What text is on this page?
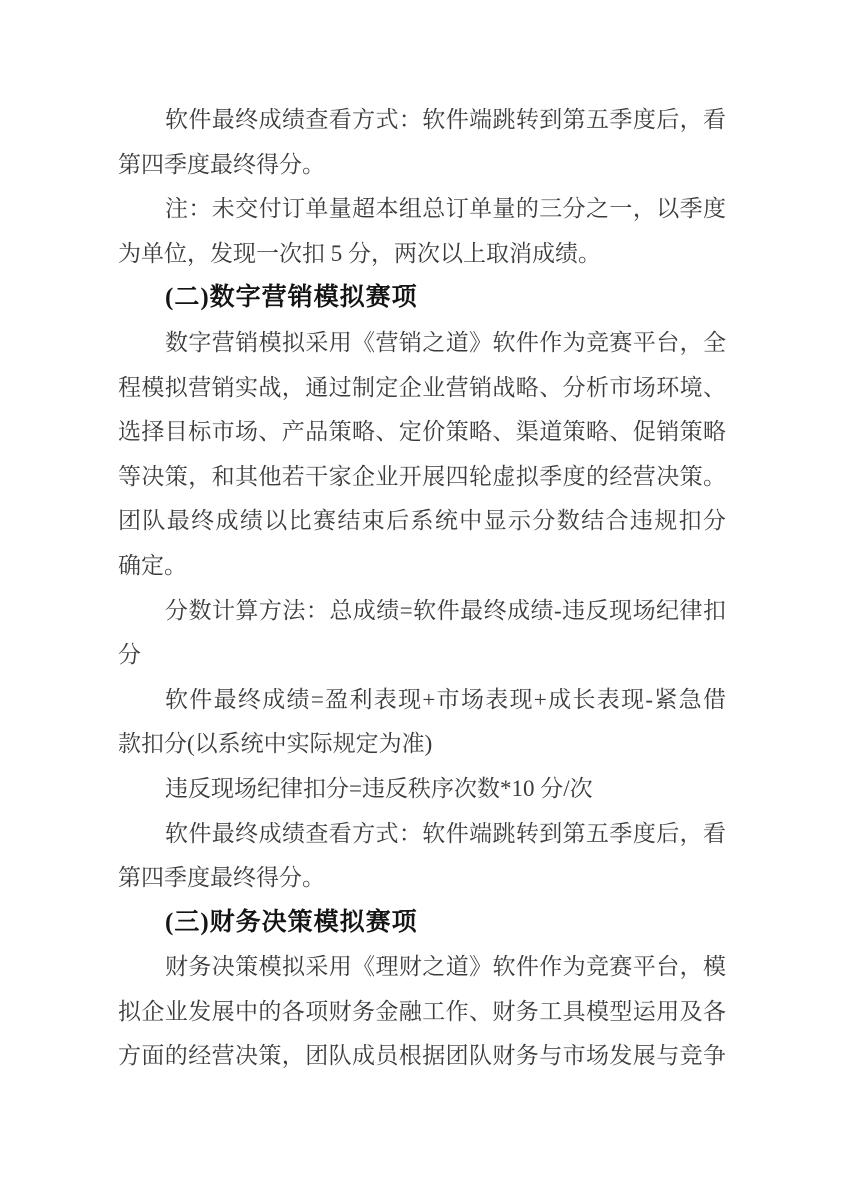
软件最终成绩查看方式：软件端跳转到第五季度后，看
第四季度最终得分。
注：未交付订单量超本组总订单量的三分之一，以季度
为单位，发现一次扣 5 分，两次以上取消成绩。
(二)数字营销模拟赛项
数字营销模拟采用《营销之道》软件作为竞赛平台，全
程模拟营销实战，通过制定企业营销战略、分析市场环境、
选择目标市场、产品策略、定价策略、渠道策略、促销策略
等决策，和其他若干家企业开展四轮虚拟季度的经营决策。
团队最终成绩以比赛结束后系统中显示分数结合违规扣分
确定。
分数计算方法：总成绩=软件最终成绩-违反现场纪律扣
分
软件最终成绩=盈利表现+市场表现+成长表现-紧急借
款扣分(以系统中实际规定为准)
违反现场纪律扣分=违反秩序次数*10 分/次
软件最终成绩查看方式：软件端跳转到第五季度后，看
第四季度最终得分。
(三)财务决策模拟赛项
财务决策模拟采用《理财之道》软件作为竞赛平台，模
拟企业发展中的各项财务金融工作、财务工具模型运用及各
方面的经营决策，团队成员根据团队财务与市场发展与竞争
